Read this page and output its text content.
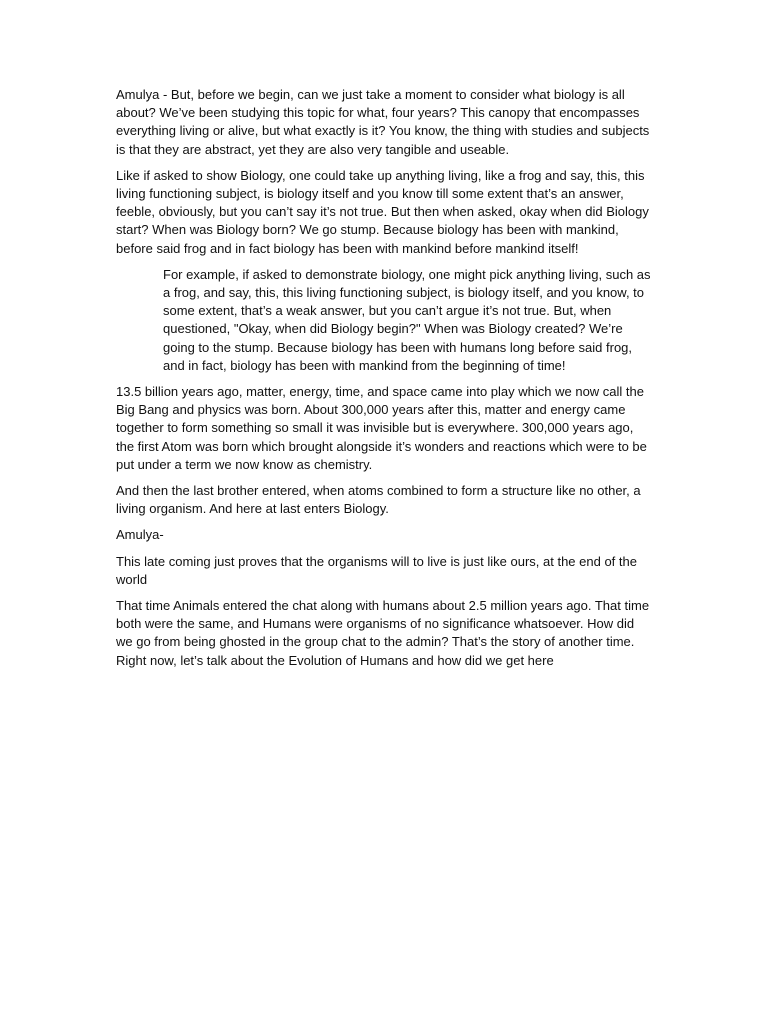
Amulya - But, before we begin, can we just take a moment to consider what biology is all about? We’ve been studying this topic for what, four years? This canopy that encompasses everything living or alive, but what exactly is it? You know, the thing with studies and subjects is that they are abstract, yet they are also very tangible and useable.

Like if asked to show Biology, one could take up anything living, like a frog and say, this, this living functioning subject, is biology itself and you know till some extent that’s an answer, feeble, obviously, but you can’t say it’s not true. But then when asked, okay when did Biology start? When was Biology born? We go stump. Because biology has been with mankind, before said frog and in fact biology has been with mankind before mankind itself!

For example, if asked to demonstrate biology, one might pick anything living, such as a frog, and say, this, this living functioning subject, is biology itself, and you know, to some extent, that’s a weak answer, but you can’t argue it’s not true. But, when questioned, "Okay, when did Biology begin?" When was Biology created? We’re going to the stump. Because biology has been with humans long before said frog, and in fact, biology has been with mankind from the beginning of time!

13.5 billion years ago, matter, energy, time, and space came into play which we now call the Big Bang and physics was born. About 300,000 years after this, matter and energy came together to form something so small it was invisible but is everywhere. 300,000 years ago, the first Atom was born which brought alongside it’s wonders and reactions which were to be put under a term we now know as chemistry.

And then the last brother entered, when atoms combined to form a structure like no other, a living organism. And here at last enters Biology.

Amulya-

This late coming just proves that the organisms will to live is just like ours, at the end of the world

That time Animals entered the chat along with humans about 2.5 million years ago. That time both were the same, and Humans were organisms of no significance whatsoever. How did we go from being ghosted in the group chat to the admin? That’s the story of another time. Right now, let’s talk about the Evolution of Humans and how did we get here
